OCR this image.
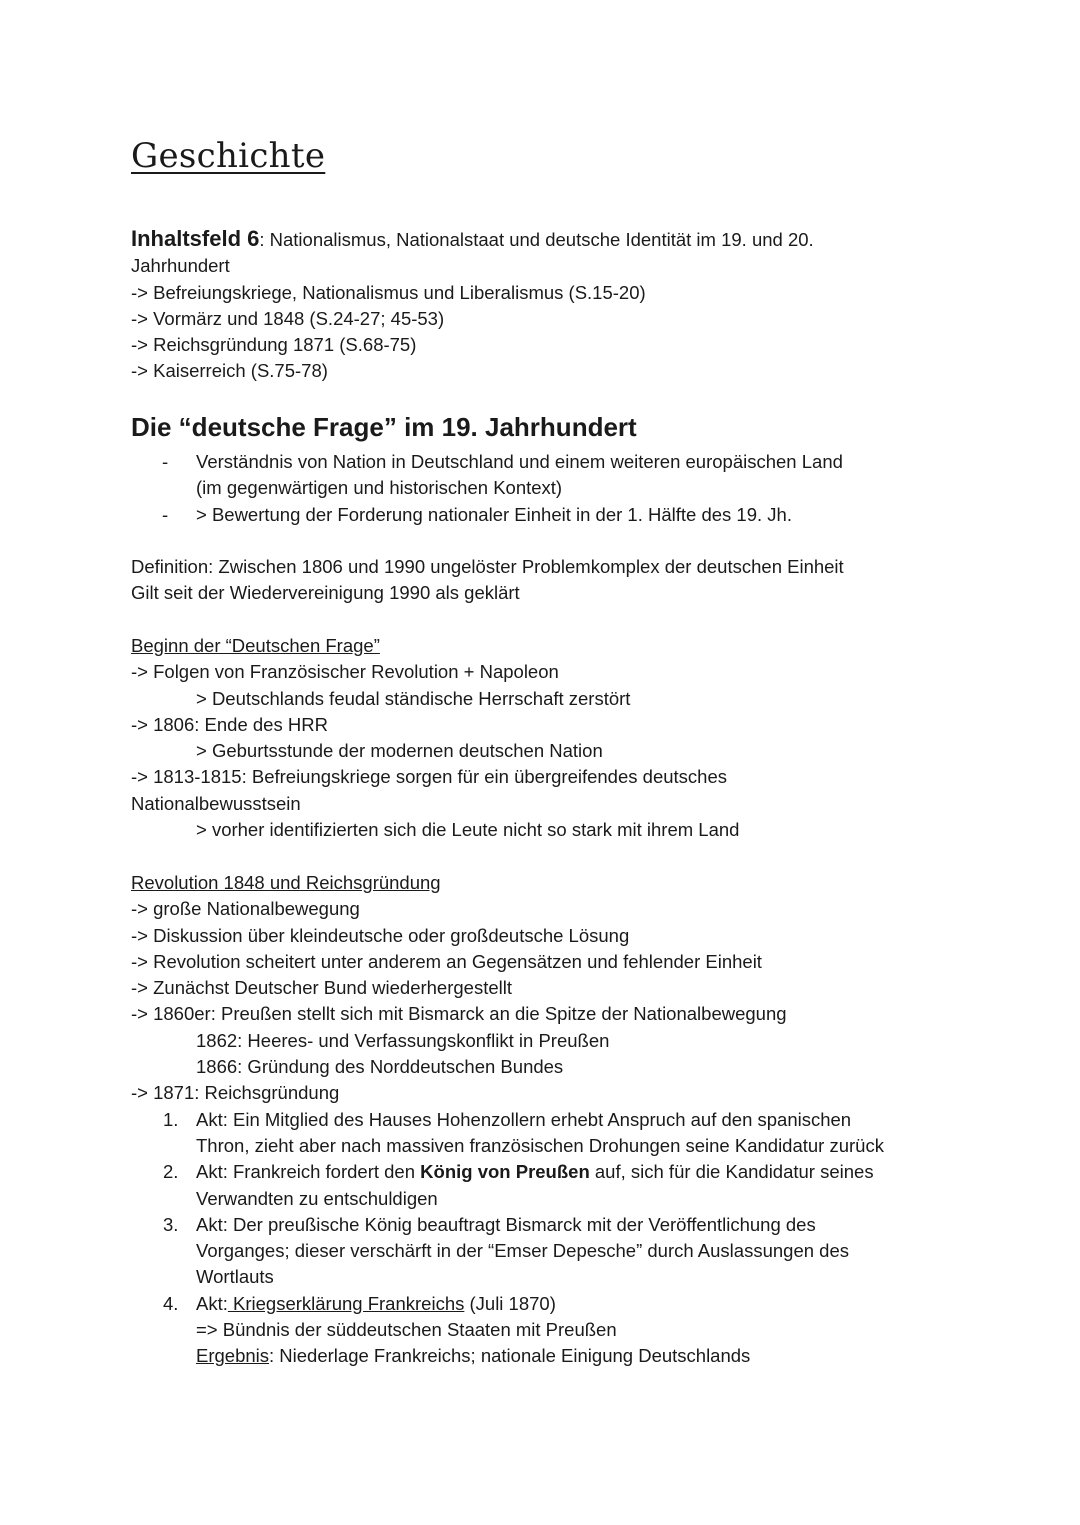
Geschichte

Inhaltsfeld 6: Nationalismus, Nationalstaat und deutsche Identität im 19. und 20.

Jahrhundert

-> Befreiungskriege, Nationalismus und Liberalismus (S.15-20)

-> Vormärz und 1848 (S.24-27; 45-53)

-> Reichsgründung 1871 (S.68-75)

-> Kaiserreich (S.75-78)

Die “deutsche Frage” im 19. Jahrhundert
-	Verständnis von Nation in Deutschland und einem weiteren europäischen Land

(im gegenwärtigen und historischen Kontext)

-	> Bewertung der Forderung nationaler Einheit in der 1. Hälfte des 19. Jh.

Definition: Zwischen 1806 und 1990 ungelöster Problemkomplex der deutschen Einheit

Gilt seit der Wiedervereinigung 1990 als geklärt

Beginn der “Deutschen Frage”

-> Folgen von Französischer Revolution + Napoleon

> Deutschlands feudal ständische Herrschaft zerstört

-> 1806: Ende des HRR

> Geburtsstunde der modernen deutschen Nation

-> 1813-1815: Befreiungskriege sorgen für ein übergreifendes deutsches

Nationalbewusstsein

> vorher identifizierten sich die Leute nicht so stark mit ihrem Land

Revolution 1848 und Reichsgründung

-> große Nationalbewegung

-> Diskussion über kleindeutsche oder großdeutsche Lösung

-> Revolution scheitert unter anderem an Gegensätzen und fehlender Einheit

-> Zunächst Deutscher Bund wiederhergestellt

-> 1860er: Preußen stellt sich mit Bismarck an die Spitze der Nationalbewegung

1862: Heeres- und Verfassungskonflikt in Preußen

1866: Gründung des Norddeutschen Bundes

-> 1871: Reichsgründung

1. Akt: Ein Mitglied des Hauses Hohenzollern erhebt Anspruch auf den spanischen

Thron, zieht aber nach massiven französischen Drohungen seine Kandidatur zurück

2. Akt: Frankreich fordert den König von Preußen auf, sich für die Kandidatur seines

Verwandten zu entschuldigen

3. Akt: Der preußische König beauftragt Bismarck mit der Veröffentlichung des

Vorganges; dieser verschärft in der “Emser Depesche” durch Auslassungen des

Wortlauts

4. Akt: Kriegserklärung Frankreichs (Juli 1870)

=> Bündnis der süddeutschen Staaten mit Preußen

Ergebnis: Niederlage Frankreichs; nationale Einigung Deutschlands
